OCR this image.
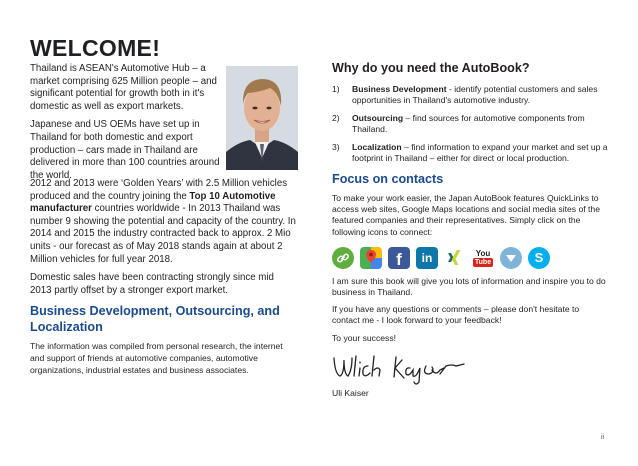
WELCOME!

Thailand is ASEAN's Automotive Hub – a market comprising 625 Million people – and significant potential for growth both in it's domestic as well as export markets.

Japanese and US OEMs have set up in Thailand for both domestic and export production – cars made in Thailand are delivered in more than 100 countries around the world.

2012 and 2013 were ‘Golden Years’ with 2.5 Million vehicles produced and the country joining the Top 10 Automotive manufacturer countries worldwide - In 2013 Thailand was number 9 showing the potential and capacity of the country. In 2014 and 2015 the industry contracted back to approx. 2 Mio units - our forecast as of May 2018 stands again at about 2 Million vehicles for full year 2018.

Domestic sales have been contracting strongly since mid 2013 partly offset by a stronger export market.

Business Development, Outsourcing, and Localization

The information was compiled from personal research, the internet and support of friends at automotive companies, automotive organizations, industrial estates and business associates.

Why do you need the AutoBook?
1) Business Development - identify potential customers and sales opportunities in Thailand's automotive industry.
2) Outsourcing – find sources for automotive components from Thailand.
3) Localization – find information to expand your market and set up a footprint in Thailand – either for direct or local production.
Focus on contacts

To make your work easier, the Japan AutoBook features QuickLinks to access web sites, Google Maps locations and social media sites of the featured companies and their representatives. Simply click on the following icons to connect:

f in	You
Tube	S

I am sure this book will give you lots of information and inspire you to do business in Thailand.

If you have any questions or comments – please don't hesitate to contact me - I look forward to your feedback!

To your success!

Uli Kaiser

ii
